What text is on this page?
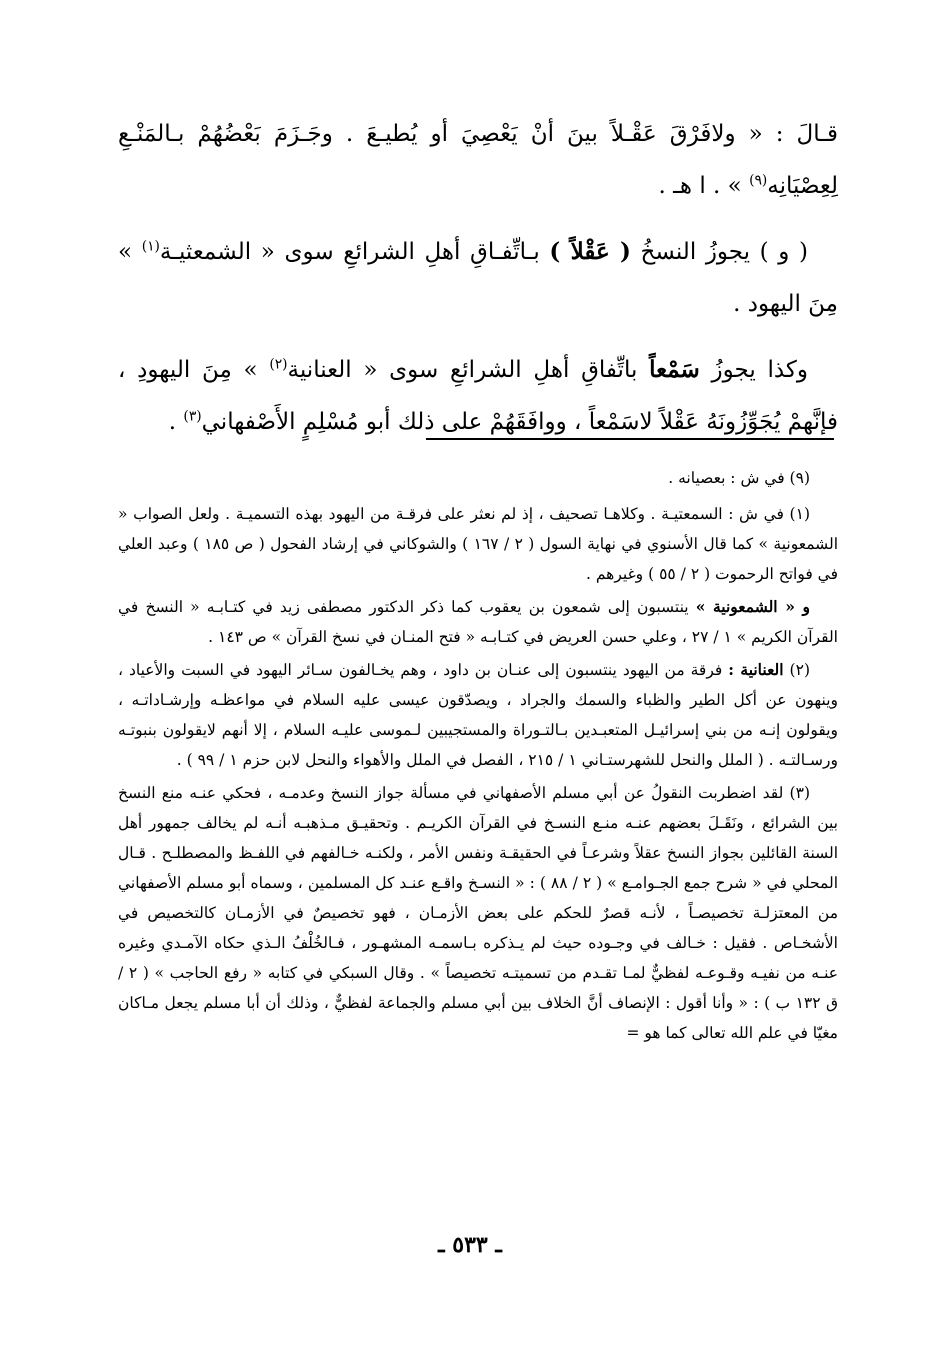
قـالَ : « ولافَرْقَ عَقْـلاً بينَ أنْ يَعْصِيَ أو يُطيـعَ . وجَـزَمَ بَعْضُهُمْ بـالمَنْـعِ لِعِصْيَانِه$^{(٩)}$ » . ا هـ .

( و ) يجوزُ النسخُ ( عَقْلاً ) بـاتِّفـاقِ أهلِ الشرائعِ سوى « الشمعثيـة$^{(١)}$ » مِنَ اليهود .

وكذا يجوزُ سَمْعاً باتِّفاقِ أهلِ الشرائعِ سوى « العنانية$^{(٢)}$ » مِنَ اليهودِ ، فإنَّهمْ يُجَوِّزُونَهُ عَقْلاً لاسَمْعاً ، ووافَقَهُمْ على ذلك أبو مُسْلِمٍ الأَصْفهاني$^{(٣)}$ .

(٩) في ش : بعصيانه .

(١) في ش : السمعتيـة . وكلاهـا تصحيف ، إذ لم نعثر على فرقـة من اليهود بهذه التسميـة . ولعل الصواب « الشمعونية » كما قال الأسنوي في نهاية السول ( ٢ / ١٦٧ ) والشوكاني في إرشاد الفحول ( ص ١٨٥ ) وعبد العلي في فواتح الرحموت ( ٢ / ٥٥ ) وغيرهم .

و « الشمعونية » ينتسبون إلى شمعون بن يعقوب كما ذكر الدكتور مصطفى زيد في كتـابـه « النسخ في القرآن الكريم » ١ / ٢٧ ، وعلي حسن العريض في كتـابـه « فتح المنـان في نسخ القرآن » ص ١٤٣ .

(٢) العنانية : فرقة من اليهود ينتسبون إلى عنـان بن داود ، وهم يخـالفون سـائر اليهود في السبت والأعياد ، وينهون عن أكل الطير والظباء والسمك والجراد ، ويصدّقون عيسى عليه السلام في مواعظـه وإرشـاداتـه ، ويقولون إنـه من بني إسرائيـل المتعبـدين بـالتـوراة والمستجيبين لـموسى عليـه السلام ، إلا أنهم لايقولون بنبوتـه ورسـالتـه . ( الملل والنحل للشهرستـاني ١ / ٢١٥ ، الفصل في الملل والأهواء والنحل لابن حزم ١ / ٩٩ ) .

(٣) لقد اضطربت النقولُ عن أبي مسلم الأصفهاني في مسألة جواز النسخ وعدمـه ، فحكي عنـه منع النسخ بين الشرائع ، ونَقَـلَ بعضهم عنـه منـع النسـخ في القرآن الكريـم . وتحقيـق مـذهبـه أنـه لم يخالف جمهور أهل السنة القائلين بجواز النسخ عقلاً وشرعـاً في الحقيقـة ونفس الأمر ، ولكنـه خـالفهم في اللفـظ والمصطلـح . قـال المحلي في « شرح جمع الجـوامـع » ( ٢ / ٨٨ ) : « النسـخ واقـع عنـد كل المسلمين ، وسماه أبو مسلم الأصفهاني من المعتزلـة تخصيصـاً ، لأنـه قصرٌ للحكم على بعض الأزمـان ، فهو تخصيصٌ في الأزمـان كالتخصيص في الأشخـاص . فقيل : خـالف في وجـوده حيث لم يـذكره بـاسمـه المشهـور ، فـالخُلْفُ الـذي حكاه الآمـدي وغيره عنـه من نفيـه وقـوعـه لفظيٌّ لمـا تقـدم من تسميتـه تخصيصاً » . وقال السبكي في كتابه « رفع الحاجب » ( ٢ / ق ١٣٢ ب ) : « وأنا أقول : الإنصاف أنَّ الخلاف بين أبي مسلم والجماعة لفظيٌّ ، وذلك أن أبا مسلم يجعل مـاكان مغيّا في علم الله تعالى كما هو =

ـ ٥٣٣ ـ
